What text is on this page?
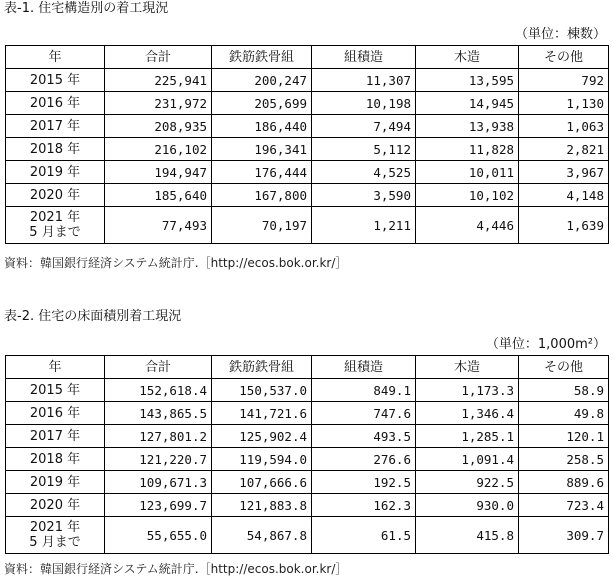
表-1. 住宅構造別の着工現況
（単位：棟数）
年	合計	鉄筋鉄骨組	組積造	木造	その他
2015 年	225,941	200,247	11,307	13,595	792
2016 年	231,972	205,699	10,198	14,945	1,130
2017 年	208,935	186,440	7,494	13,938	1,063
2018 年	216,102	196,341	5,112	11,828	2,821
2019 年	194,947	176,444	4,525	10,011	3,967
2020 年	185,640	167,800	3,590	10,102	4,148

2021 年
5 月まで	77,493	70,197	1,211	4,446	1,639
資料：韓国銀行経済システム統計庁.［http://ecos.bok.or.kr/］
表-2. 住宅の床面積別着工現況
（単位：1,000m²）
年	合計	鉄筋鉄骨組	組積造	木造	その他
2015 年	152,618.4	150,537.0	849.1	1,173.3	58.9
2016 年	143,865.5	141,721.6	747.6	1,346.4	49.8
2017 年	127,801.2	125,902.4	493.5	1,285.1	120.1
2018 年	121,220.7	119,594.0	276.6	1,091.4	258.5
2019 年	109,671.3	107,666.6	192.5	922.5	889.6
2020 年	123,699.7	121,883.8	162.3	930.0	723.4

2021 年
5 月まで	55,655.0	54,867.8	61.5	415.8	309.7
資料：韓国銀行経済システム統計庁.［http://ecos.bok.or.kr/］
